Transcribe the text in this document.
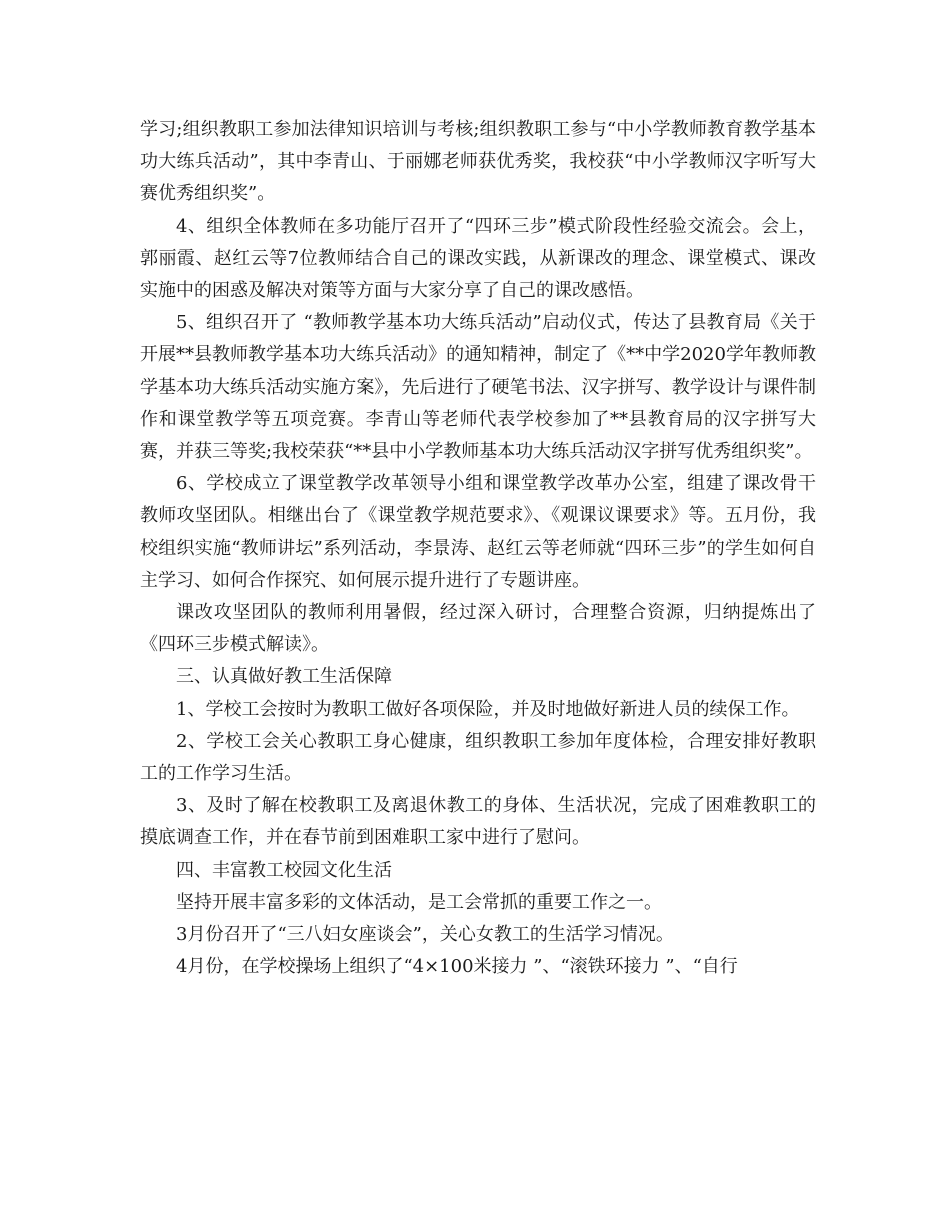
学习;组织教职工参加法律知识培训与考核;组织教职工参与“中小学教师教育教学基本功大练兵活动”，其中李青山、于丽娜老师获优秀奖，我校获“中小学教师汉字听写大赛优秀组织奖”。

4、组织全体教师在多功能厅召开了“四环三步”模式阶段性经验交流会。会上，郭丽霞、赵红云等7位教师结合自己的课改实践，从新课改的理念、课堂模式、课改实施中的困惑及解决对策等方面与大家分享了自己的课改感悟。

5、组织召开了 “教师教学基本功大练兵活动”启动仪式，传达了县教育局《关于开展**县教师教学基本功大练兵活动》的通知精神，制定了《**中学2020学年教师教学基本功大练兵活动实施方案》，先后进行了硬笔书法、汉字拼写、教学设计与课件制作和课堂教学等五项竞赛。李青山等老师代表学校参加了**县教育局的汉字拼写大赛，并获三等奖;我校荣获“**县中小学教师基本功大练兵活动汉字拼写优秀组织奖”。

6、学校成立了课堂教学改革领导小组和课堂教学改革办公室，组建了课改骨干教师攻坚团队。相继出台了《课堂教学规范要求》、《观课议课要求》等。五月份，我校组织实施“教师讲坛”系列活动，李景涛、赵红云等老师就“四环三步”的学生如何自主学习、如何合作探究、如何展示提升进行了专题讲座。

课改攻坚团队的教师利用暑假，经过深入研讨，合理整合资源，归纳提炼出了《四环三步模式解读》。

三、认真做好教工生活保障

1、学校工会按时为教职工做好各项保险，并及时地做好新进人员的续保工作。

2、学校工会关心教职工身心健康，组织教职工参加年度体检，合理安排好教职工的工作学习生活。

3、及时了解在校教职工及离退休教工的身体、生活状况，完成了困难教职工的摸底调查工作，并在春节前到困难职工家中进行了慰问。

四、丰富教工校园文化生活

坚持开展丰富多彩的文体活动，是工会常抓的重要工作之一。

3月份召开了“三八妇女座谈会”，关心女教工的生活学习情况。

4月份，在学校操场上组织了“4×100米接力 ”、“滚铁环接力 ”、“自行
